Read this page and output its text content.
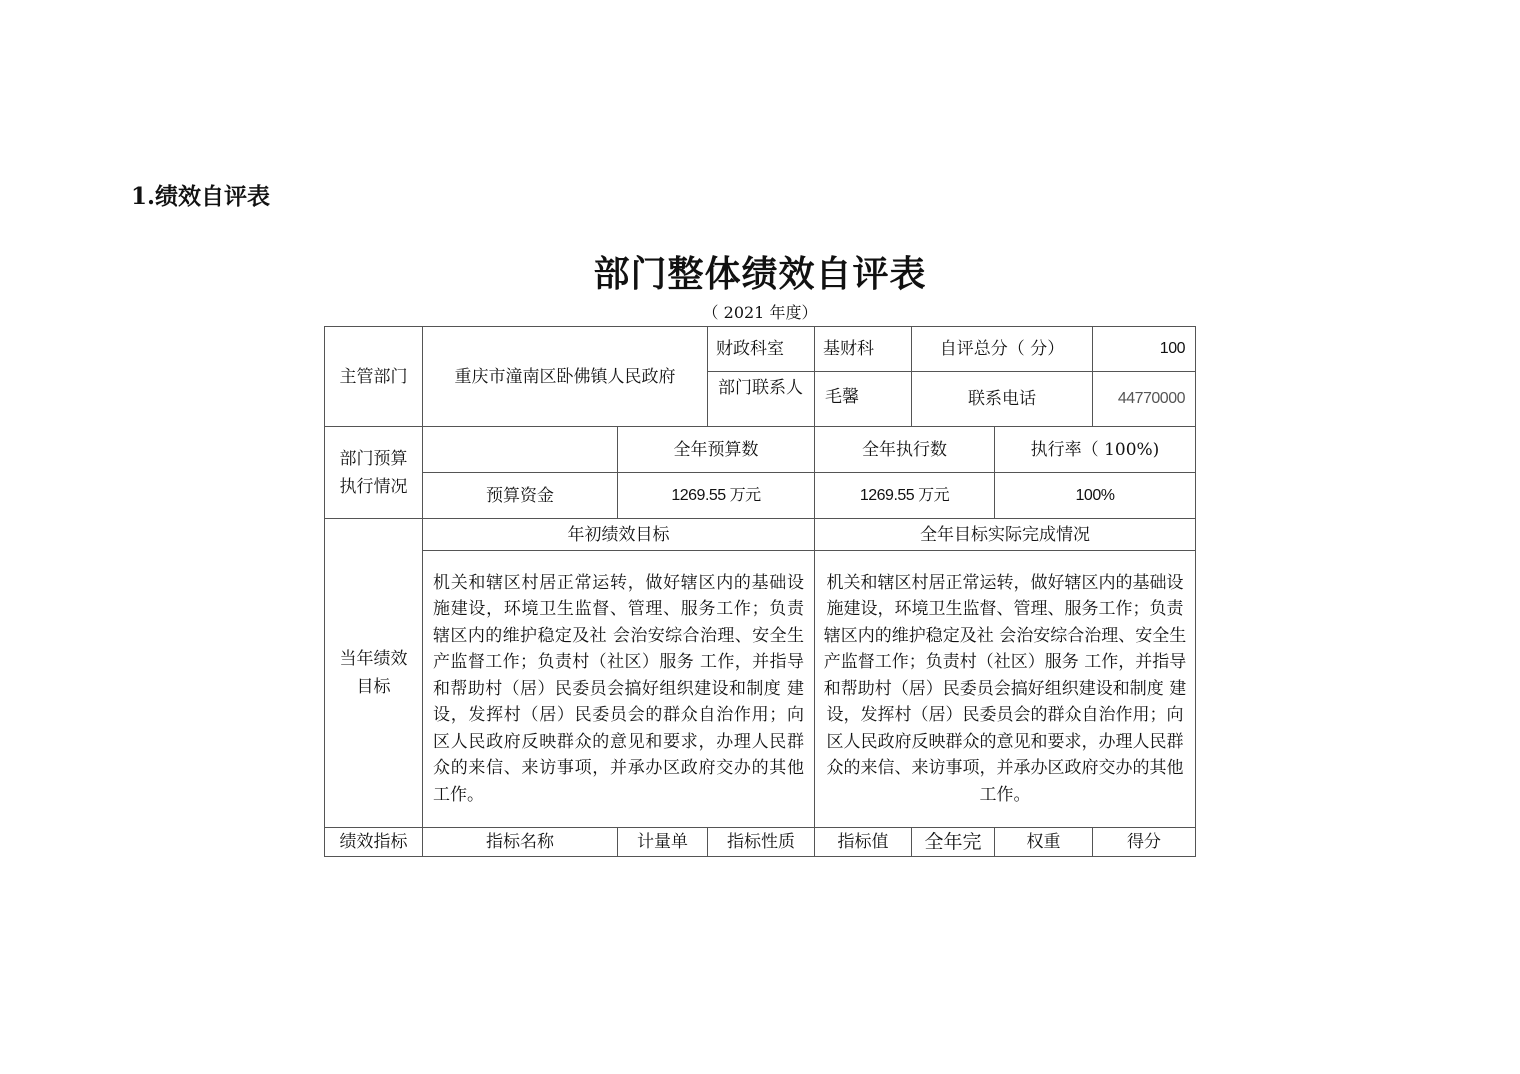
1.绩效自评表
部门整体绩效自评表
（ 2021 年度）
主管部门	重庆市潼南区卧佛镇人民政府
财政科室	基财科	自评总分（ 分）	100
部门联系人	毛馨	联系电话	44770000
部门预算执行情况
全年预算数	全年执行数	执行率（ 100%)
预算资金	1269.55 万元	1269.55 万元	100%
当年绩效目标
年初绩效目标	全年目标实际完成情况
机关和辖区村居正常运转，做好辖区内的基础设施建设，环境卫生监督、管理、服务工作；负责辖区内的维护稳定及社 会治安综合治理、安全生产监督工作；负责村（社区）服务 工作，并指导和帮助村（居）民委员会搞好组织建设和制度 建设，发挥村（居）民委员会的群众自治作用；向区人民政府反映群众的意见和要求，办理人民群众的来信、来访事项，并承办区政府交办的其他工作。
机关和辖区村居正常运转，做好辖区内的基础设施建设，环境卫生监督、管理、服务工作；负责辖区内的维护稳定及社 会治安综合治理、安全生产监督工作；负责村（社区）服务 工作，并指导和帮助村（居）民委员会搞好组织建设和制度 建设，发挥村（居）民委员会的群众自治作用；向区人民政府反映群众的意见和要求，办理人民群众的来信、来访事项，并承办区政府交办的其他工作。
绩效指标	指标名称	计量单	指标性质	指标值	全年完	权重	得分
